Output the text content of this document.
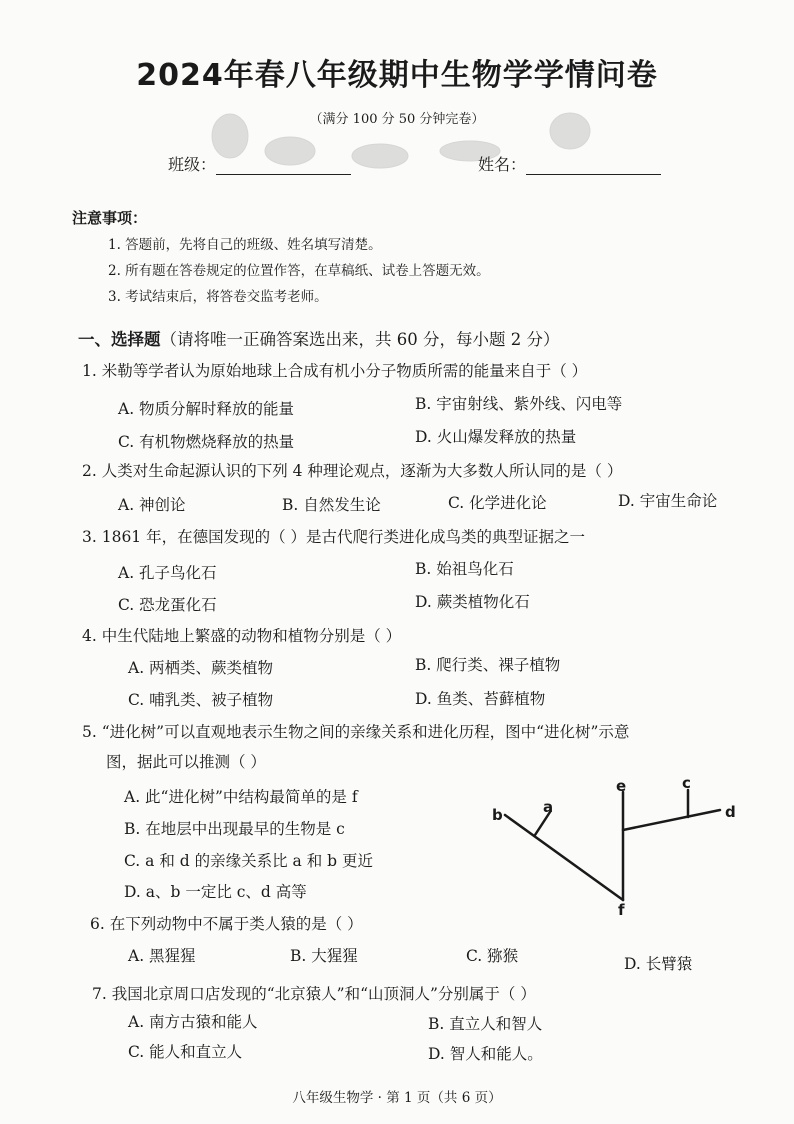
2024年春八年级期中生物学学情问卷
（满分 100 分 50 分钟完卷）
班级：	姓名：
注意事项：
1. 答题前，先将自己的班级、姓名填写清楚。
2. 所有题在答卷规定的位置作答，在草稿纸、试卷上答题无效。
3. 考试结束后，将答卷交监考老师。
一、选择题（请将唯一正确答案选出来，共 60 分，每小题 2 分）
1. 米勒等学者认为原始地球上合成有机小分子物质所需的能量来自于（ ）
A. 物质分解时释放的能量	B. 宇宙射线、紫外线、闪电等
C. 有机物燃烧释放的热量	D. 火山爆发释放的热量
2. 人类对生命起源认识的下列 4 种理论观点，逐渐为大多数人所认同的是（ ）
A. 神创论	B. 自然发生论	C. 化学进化论	D. 宇宙生命论
3. 1861 年，在德国发现的（ ）是古代爬行类进化成鸟类的典型证据之一
A. 孔子鸟化石	B. 始祖鸟化石
C. 恐龙蛋化石	D. 蕨类植物化石
4. 中生代陆地上繁盛的动物和植物分别是（ ）
A. 两栖类、蕨类植物	B. 爬行类、裸子植物
C. 哺乳类、被子植物	D. 鱼类、苔藓植物
5. “进化树”可以直观地表示生物之间的亲缘关系和进化历程，图中“进化树”示意
图，据此可以推测（ ）
A. 此“进化树”中结构最简单的是 f
B. 在地层中出现最早的生物是 c
C. a 和 d 的亲缘关系比 a 和 b 更近
D. a、b 一定比 c、d 高等
a
b
c
d
e
f
6. 在下列动物中不属于类人猿的是（ ）
A. 黑猩猩	B. 大猩猩	C. 猕猴	D. 长臂猿
7. 我国北京周口店发现的“北京猿人”和“山顶洞人”分别属于（ ）
A. 南方古猿和能人	B. 直立人和智人
C. 能人和直立人	D. 智人和能人。
八年级生物学 · 第 1 页（共 6 页）
